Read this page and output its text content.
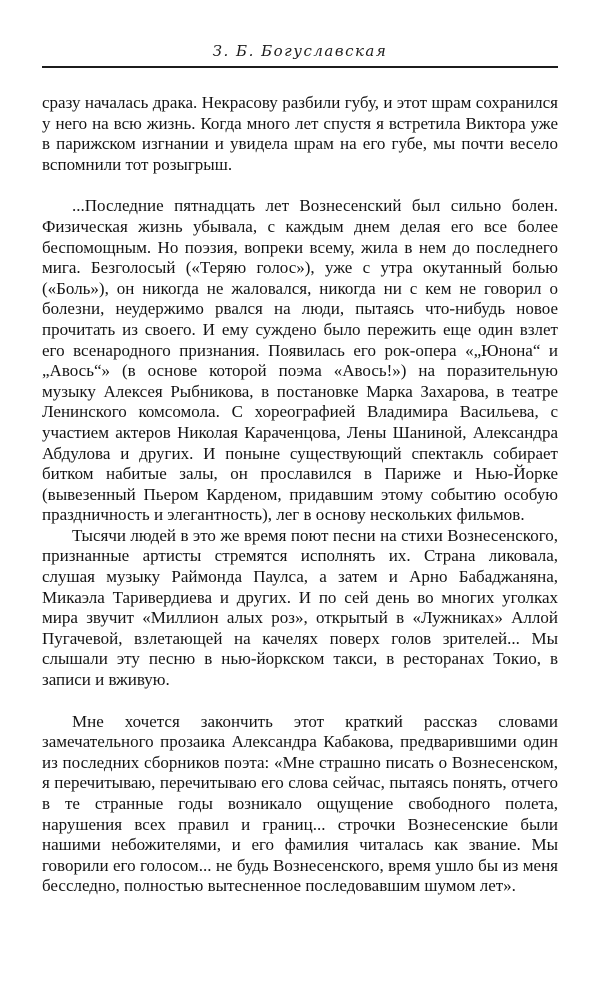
З. Б. Богуславская

сразу началась драка. Некрасову разбили губу, и этот шрам сохранился у него на всю жизнь. Когда много лет спустя я встретила Виктора уже в парижском изгнании и увидела шрам на его губе, мы почти весело вспомнили тот розыгрыш.

...Последние пятнадцать лет Вознесенский был сильно болен. Физическая жизнь убывала, с каждым днем делая его все более беспомощным. Но поэзия, вопреки всему, жила в нем до последнего мига. Безголосый («Теряю голос»), уже с утра окутанный болью («Боль»), он никогда не жаловался, никогда ни с кем не говорил о болезни, неудержимо рвался на люди, пытаясь что-нибудь новое прочитать из своего. И ему суждено было пережить еще один взлет его всенародного признания. Появилась его рок-опера «„Юнона“ и „Авось“» (в основе которой поэма «Авось!») на поразительную музыку Алексея Рыбникова, в постановке Марка Захарова, в театре Ленинского комсомола. С хореографией Владимира Васильева, с участием актеров Николая Караченцова, Лены Шаниной, Александра Абдулова и других. И поныне существующий спектакль собирает битком набитые залы, он прославился в Париже и Нью-Йорке (вывезенный Пьером Карденом, придавшим этому событию особую праздничность и элегантность), лег в основу нескольких фильмов.

Тысячи людей в это же время поют песни на стихи Вознесенского, признанные артисты стремятся исполнять их. Страна ликовала, слушая музыку Раймонда Паулса, а затем и Арно Бабаджаняна, Микаэла Таривердиева и других. И по сей день во многих уголках мира звучит «Миллион алых роз», открытый в «Лужниках» Аллой Пугачевой, взлетающей на качелях поверх голов зрителей... Мы слышали эту песню в нью-йоркском такси, в ресторанах Токио, в записи и вживую.

Мне хочется закончить этот краткий рассказ словами замечательного прозаика Александра Кабакова, предварившими один из последних сборников поэта: «Мне страшно писать о Вознесенском, я перечитываю, перечитываю его слова сейчас, пытаясь понять, отчего в те странные годы возникало ощущение свободного полета, нарушения всех правил и границ... строчки Вознесенские были нашими небожителями, и его фамилия читалась как звание. Мы говорили его голосом... не будь Вознесенского, время ушло бы из меня бесследно, полностью вытесненное последовавшим шумом лет».
